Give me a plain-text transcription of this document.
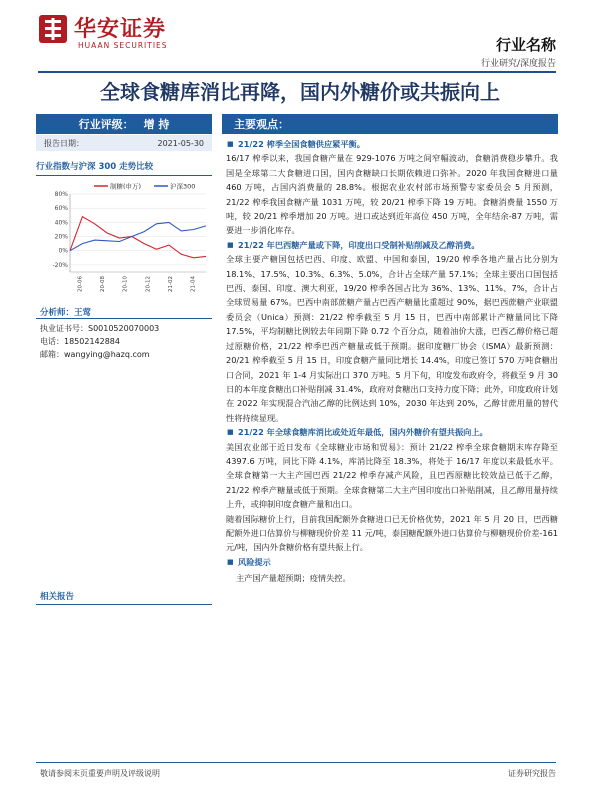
华安证券
HUAAN SECURITIES	行业名称
行业研究/深度报告
全球食糖库消比再降，国内外糖价或共振向上
行业评级： 增 持
报告日期：	2021-05-30
行业指数与沪深 300 走势比较
80%
60%
40%
20%
0%
-20%
20-06	20-08	20-10	20-12	21-02	21-04
制糖(申万)	沪深300
分析师：王莺
执业证书号：S0010520070003
电话：18502142884
邮箱：wangying@hazq.com
相关报告
主要观点：
■ 21/22 榨季全国食糖供应紧平衡。
16/17 榨季以来，我国食糖产量在 929-1076 万吨之间窄幅波动，食糖消费稳步攀升。我国是全球第二大食糖进口国，国内食糖缺口长期依赖进口弥补。2020 年我国食糖进口量 460 万吨，占国内消费量的 28.8%。根据农业农村部市场预警专家委员会 5 月预测，21/22 榨季我国食糖产量 1031 万吨，较 20/21 榨季下降 19 万吨。食糖消费量 1550 万吨，较 20/21 榨季增加 20 万吨。进口或达到近年高位 450 万吨，全年结余-87 万吨，需要进一步消化库存。
■ 21/22 年巴西糖产量或下降，印度出口受制补贴削减及乙醇消费。
全球主要产糖国包括巴西、印度、欧盟、中国和泰国，19/20 榨季各地产量占比分别为 18.1%、17.5%、10.3%、6.3%、5.0%，合计占全球产量 57.1%；全球主要出口国包括巴西、泰国、印度、澳大利亚，19/20 榨季各国占比为 36%、13%、11%、7%，合计占全球贸易量 67%。巴西中南部蔗糖产量占巴西产糖量比重超过 90%，据巴西蔗糖产业联盟委员会（Unica）预测：21/22 榨季截至 5 月 15 日，巴西中南部累计产糖量同比下降 17.5%，平均制糖比例较去年同期下降 0.72 个百分点，随着油价大涨，巴西乙醇价格已超过原糖价格，21/22 榨季巴西产糖量或低于预期。据印度糖厂协会（ISMA）最新预测：20/21 榨季截至 5 月 15 日，印度食糖产量同比增长 14.4%，印度已签订 570 万吨食糖出口合同，2021 年 1-4 月实际出口 370 万吨。5 月下旬，印度发布政府令，将截至 9 月 30 日的本年度食糖出口补贴削减 31.4%，政府对食糖出口支持力度下降；此外，印度政府计划在 2022 年实现混合汽油乙醇的比例达到 10%，2030 年达到 20%，乙醇甘蔗用量的替代性将持续显现。
■ 21/22 年全球食糖库消比或处近年最低，国内外糖价有望共振向上。
美国农业部于近日发布《全球糖业市场和贸易》：预计 21/22 榨季全球食糖期末库存降至 4397.6 万吨，同比下降 4.1%，库消比降至 18.3%，将处于 16/17 年度以来最低水平。全球食糖第一大主产国巴西 21/22 榨季存减产风险，且巴西原糖比较效益已低于乙醇，21/22 榨季产糖量或低于预期。全球食糖第二大主产国印度出口补贴削减，且乙醇用量持续上升，或抑制印度食糖产量和出口。
随着国际糖价上行，目前我国配额外食糖进口已无价格优势，2021 年 5 月 20 日，巴西糖配额外进口估算价与柳糖现价价差 11 元/吨，泰国糖配额外进口估算价与柳糖现价价差-161 元/吨，国内外食糖价格有望共振上行。
■ 风险提示
主产国产量超预期；疫情失控。
敬请参阅末页重要声明及评级说明	证券研究报告
